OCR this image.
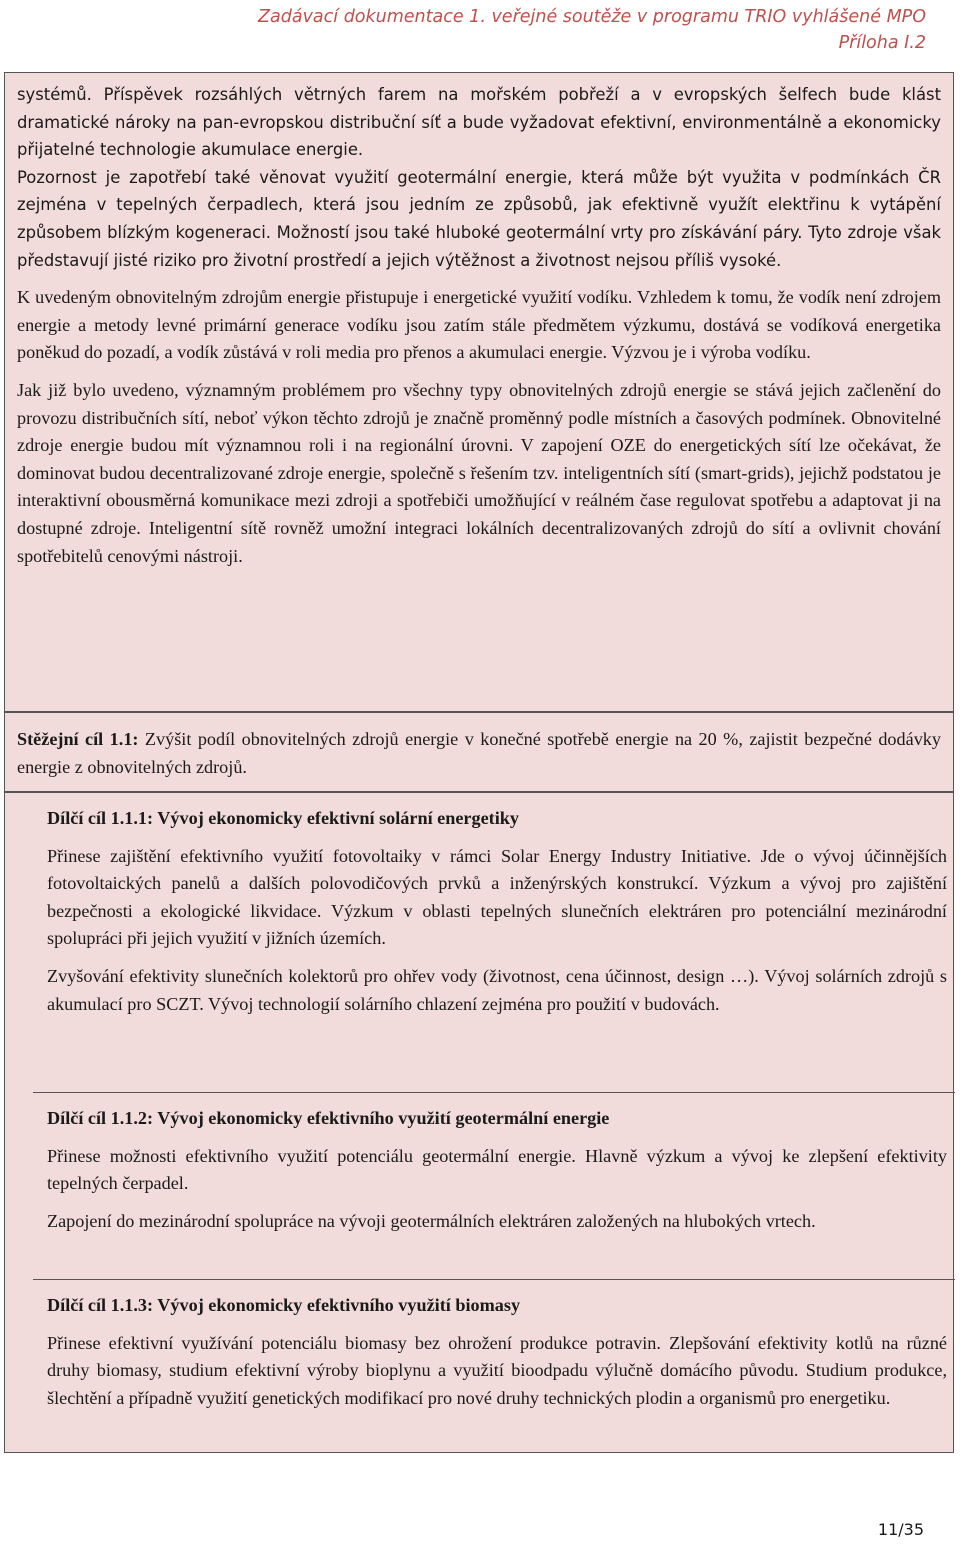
Zadávací dokumentace 1. veřejné soutěže v programu TRIO vyhlášené MPO
Příloha I.2

systémů. Příspěvek rozsáhlých větrných farem na mořském pobřeží a v evropských šelfech bude klást dramatické nároky na pan-evropskou distribuční síť a bude vyžadovat efektivní, environmentálně a ekonomicky přijatelné technologie akumulace energie.

Pozornost je zapotřebí také věnovat využití geotermální energie, která může být využita v podmínkách ČR zejména v tepelných čerpadlech, která jsou jedním ze způsobů, jak efektivně využít elektřinu k vytápění způsobem blízkým kogeneraci. Možností jsou také hluboké geotermální vrty pro získávání páry. Tyto zdroje však představují jisté riziko pro životní prostředí a jejich výtěžnost a životnost nejsou příliš vysoké.

K uvedeným obnovitelným zdrojům energie přistupuje i energetické využití vodíku. Vzhledem k tomu, že vodík není zdrojem energie a metody levné primární generace vodíku jsou zatím stále předmětem výzkumu, dostává se vodíková energetika poněkud do pozadí, a vodík zůstává v roli media pro přenos a akumulaci energie. Výzvou je i výroba vodíku.

Jak již bylo uvedeno, významným problémem pro všechny typy obnovitelných zdrojů energie se stává jejich začlenění do provozu distribučních sítí, neboť výkon těchto zdrojů je značně proměnný podle místních a časových podmínek. Obnovitelné zdroje energie budou mít významnou roli i na regionální úrovni. V zapojení OZE do energetických sítí lze očekávat, že dominovat budou decentralizované zdroje energie, společně s řešením tzv. inteligentních sítí (smart-grids), jejichž podstatou je interaktivní obousměrná komunikace mezi zdroji a spotřebiči umožňující v reálném čase regulovat spotřebu a adaptovat ji na dostupné zdroje. Inteligentní sítě rovněž umožní integraci lokálních decentralizovaných zdrojů do sítí a ovlivnit chování spotřebitelů cenovými nástroji.

Stěžejní cíl 1.1: Zvýšit podíl obnovitelných zdrojů energie v konečné spotřebě energie na 20 %, zajistit bezpečné dodávky energie z obnovitelných zdrojů.

Dílčí cíl 1.1.1: Vývoj ekonomicky efektivní solární energetiky

Přinese zajištění efektivního využití fotovoltaiky v rámci Solar Energy Industry Initiative. Jde o vývoj účinnějších fotovoltaických panelů a dalších polovodičových prvků a inženýrských konstrukcí. Výzkum a vývoj pro zajištění bezpečnosti a ekologické likvidace. Výzkum v oblasti tepelných slunečních elektráren pro potenciální mezinárodní spolupráci při jejich využití v jižních územích.

Zvyšování efektivity slunečních kolektorů pro ohřev vody (životnost, cena účinnost, design …). Vývoj solárních zdrojů s akumulací pro SCZT. Vývoj technologií solárního chlazení zejména pro použití v budovách.

Dílčí cíl 1.1.2: Vývoj ekonomicky efektivního využití geotermální energie

Přinese možnosti efektivního využití potenciálu geotermální energie. Hlavně výzkum a vývoj ke zlepšení efektivity tepelných čerpadel.

Zapojení do mezinárodní spolupráce na vývoji geotermálních elektráren založených na hlubokých vrtech.

Dílčí cíl 1.1.3: Vývoj ekonomicky efektivního využití biomasy

Přinese efektivní využívání potenciálu biomasy bez ohrožení produkce potravin. Zlepšování efektivity kotlů na různé druhy biomasy, studium efektivní výroby bioplynu a využití bioodpadu výlučně domácího původu. Studium produkce, šlechtění a případně využití genetických modifikací pro nové druhy technických plodin a organismů pro energetiku.

11/35
